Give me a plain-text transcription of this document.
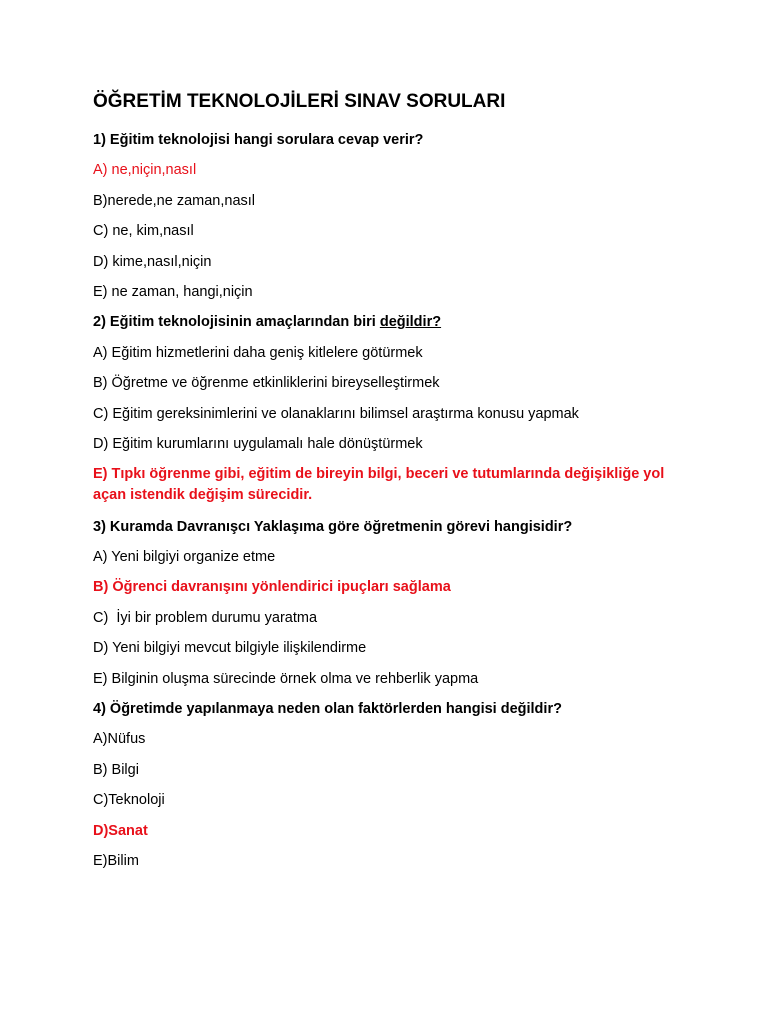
ÖĞRETİM TEKNOLOJİLERİ SINAV SORULARI
1) Eğitim teknolojisi hangi sorulara cevap verir?
A) ne,niçin,nasıl
B)nerede,ne zaman,nasıl
C) ne, kim,nasıl
D) kime,nasıl,niçin
E) ne zaman, hangi,niçin
2) Eğitim teknolojisinin amaçlarından biri değildir?
A) Eğitim hizmetlerini daha geniş kitlelere götürmek
B) Öğretme ve öğrenme etkinliklerini bireyselleştirmek
C) Eğitim gereksinimlerini ve olanaklarını bilimsel araştırma konusu yapmak
D) Eğitim kurumlarını uygulamalı hale dönüştürmek
E) Tıpkı öğrenme gibi, eğitim de bireyin bilgi, beceri ve tutumlarında değişikliğe yol açan istendik değişim sürecidir.
3) Kuramda Davranışcı Yaklaşıma göre öğretmenin görevi hangisidir?
A) Yeni bilgiyi organize etme
B) Öğrenci davranışını yönlendirici ipuçları sağlama
C)  İyi bir problem durumu yaratma
D) Yeni bilgiyi mevcut bilgiyle ilişkilendirme
E) Bilginin oluşma sürecinde örnek olma ve rehberlik yapma
4) Öğretimde yapılanmaya neden olan faktörlerden hangisi değildir?
A)Nüfus
B) Bilgi
C)Teknoloji
D)Sanat
E)Bilim
